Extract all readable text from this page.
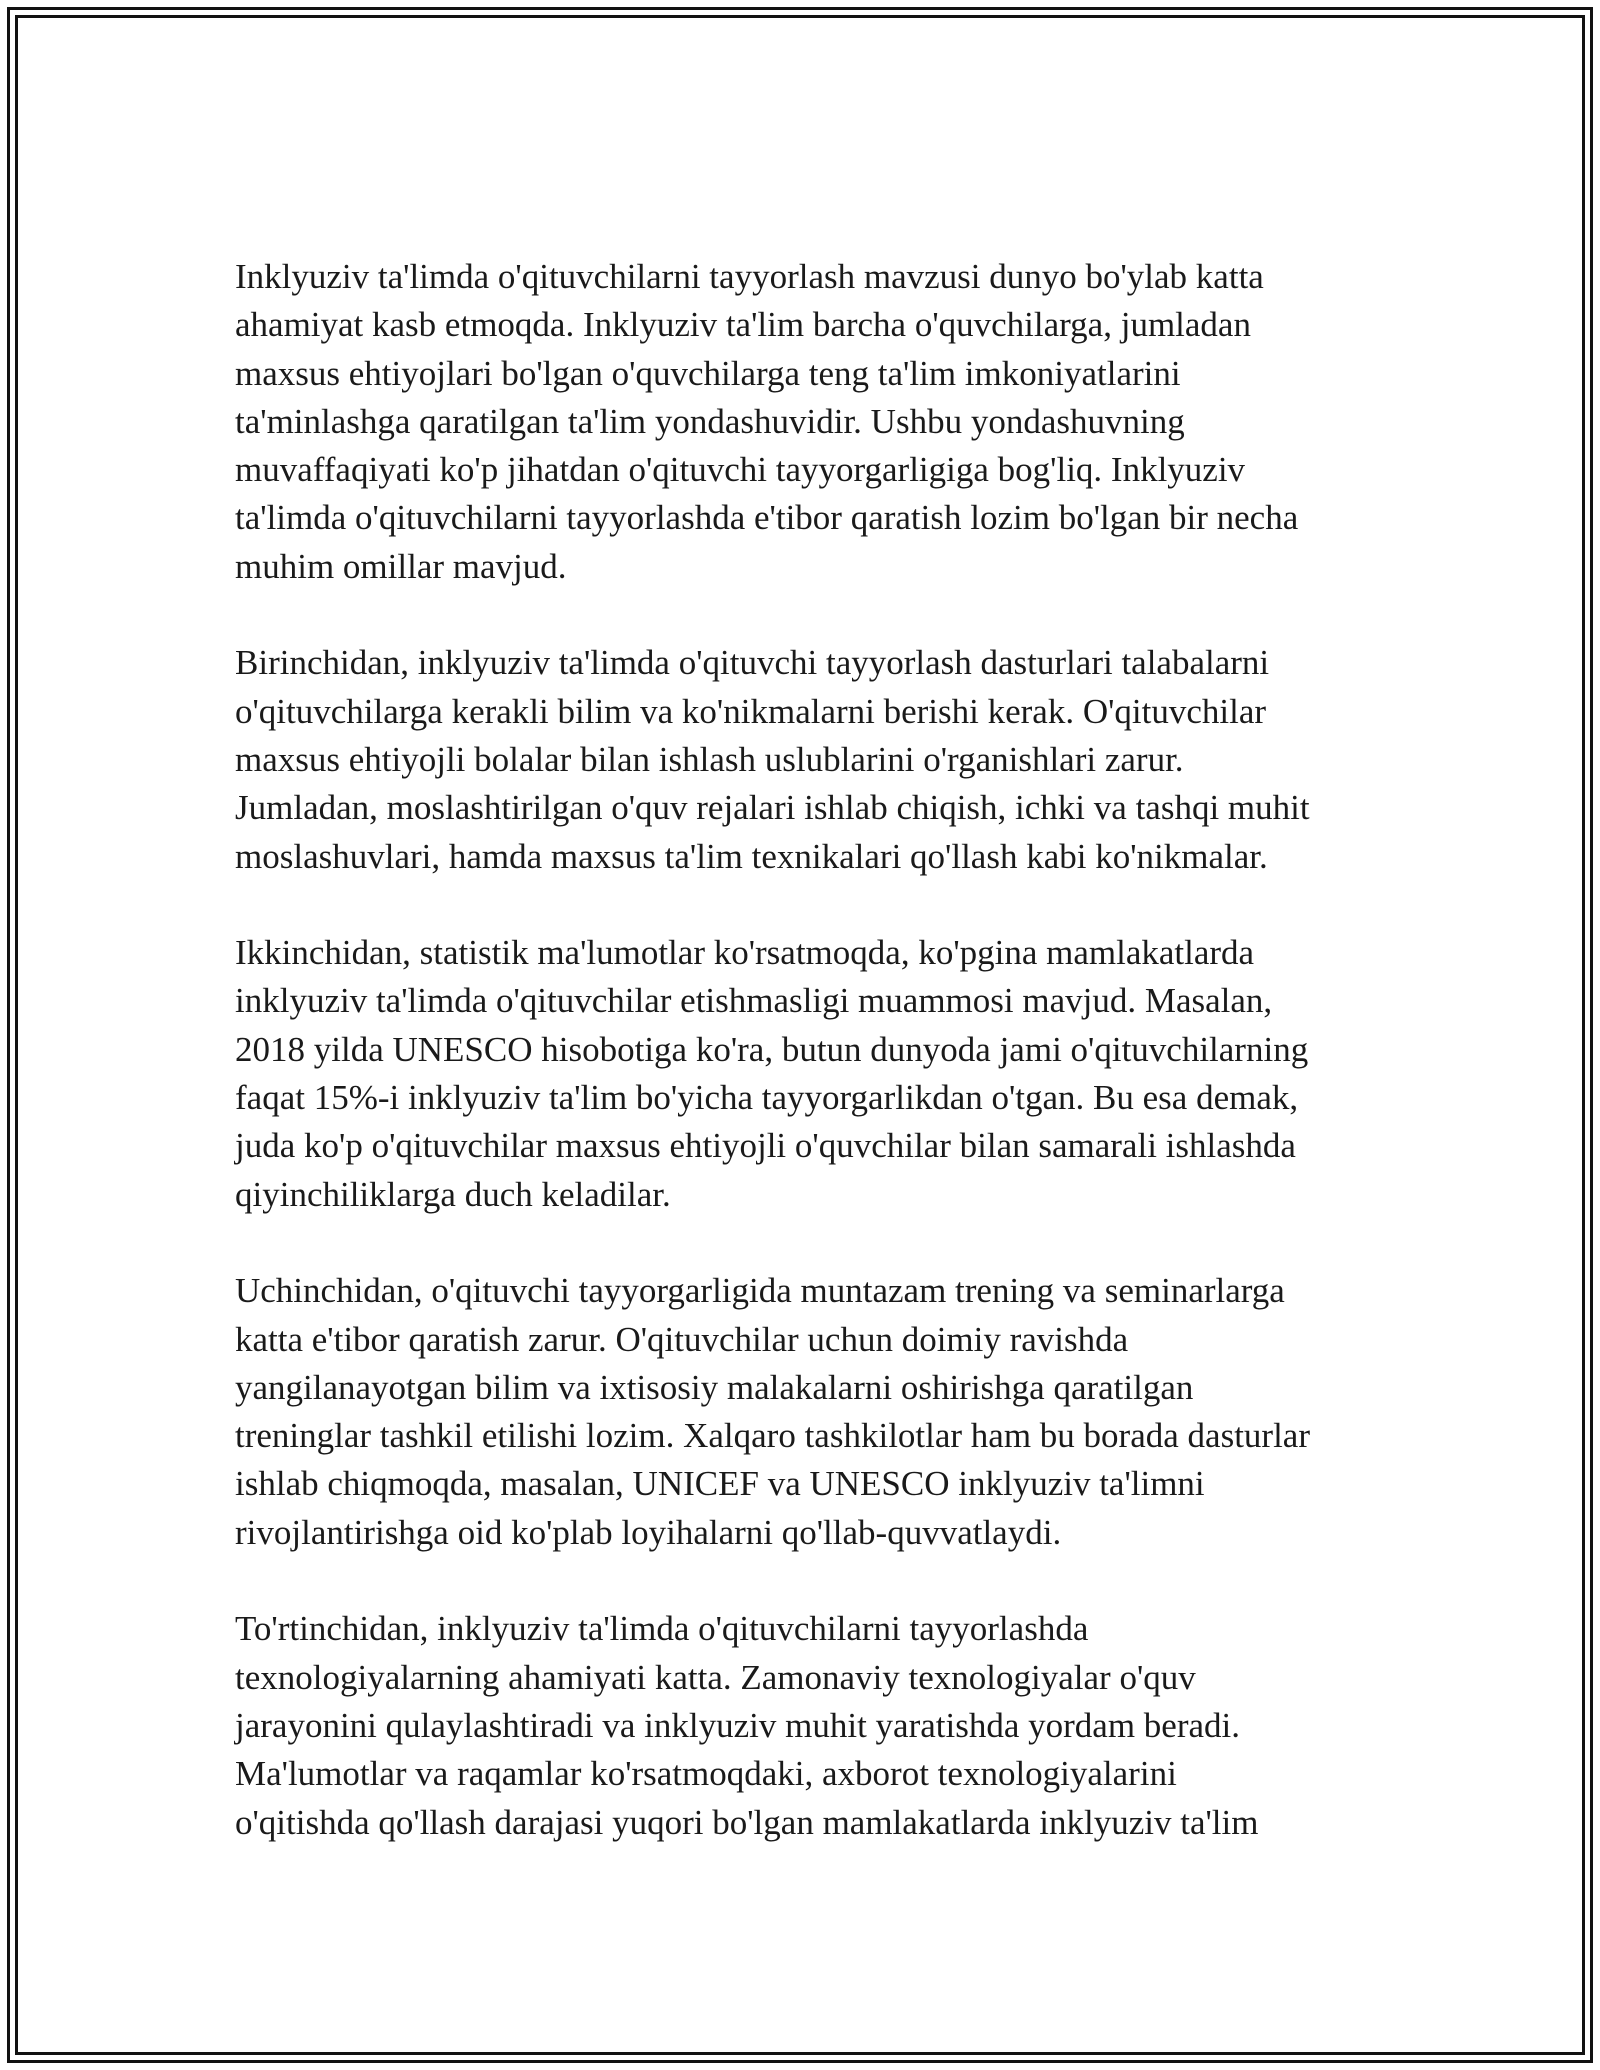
Inklyuziv ta'limda o'qituvchilarni tayyorlash mavzusi dunyo bo'ylab katta
ahamiyat kasb etmoqda. Inklyuziv ta'lim barcha o'quvchilarga, jumladan
maxsus ehtiyojlari bo'lgan o'quvchilarga teng ta'lim imkoniyatlarini
ta'minlashga qaratilgan ta'lim yondashuvidir. Ushbu yondashuvning
muvaffaqiyati ko'p jihatdan o'qituvchi tayyorgarligiga bog'liq. Inklyuziv
ta'limda o'qituvchilarni tayyorlashda e'tibor qaratish lozim bo'lgan bir necha
muhim omillar mavjud.

Birinchidan, inklyuziv ta'limda o'qituvchi tayyorlash dasturlari talabalarni
o'qituvchilarga kerakli bilim va ko'nikmalarni berishi kerak. O'qituvchilar
maxsus ehtiyojli bolalar bilan ishlash uslublarini o'rganishlari zarur.
Jumladan, moslashtirilgan o'quv rejalari ishlab chiqish, ichki va tashqi muhit
moslashuvlari, hamda maxsus ta'lim texnikalari qo'llash kabi ko'nikmalar.

Ikkinchidan, statistik ma'lumotlar ko'rsatmoqda, ko'pgina mamlakatlarda
inklyuziv ta'limda o'qituvchilar etishmasligi muammosi mavjud. Masalan,
2018 yilda UNESCO hisobotiga ko'ra, butun dunyoda jami o'qituvchilarning
faqat 15%-i inklyuziv ta'lim bo'yicha tayyorgarlikdan o'tgan. Bu esa demak,
juda ko'p o'qituvchilar maxsus ehtiyojli o'quvchilar bilan samarali ishlashda
qiyinchiliklarga duch keladilar.

Uchinchidan, o'qituvchi tayyorgarligida muntazam trening va seminarlarga
katta e'tibor qaratish zarur. O'qituvchilar uchun doimiy ravishda
yangilanayotgan bilim va ixtisosiy malakalarni oshirishga qaratilgan
treninglar tashkil etilishi lozim. Xalqaro tashkilotlar ham bu borada dasturlar
ishlab chiqmoqda, masalan, UNICEF va UNESCO inklyuziv ta'limni
rivojlantirishga oid ko'plab loyihalarni qo'llab-quvvatlaydi.

To'rtinchidan, inklyuziv ta'limda o'qituvchilarni tayyorlashda
texnologiyalarning ahamiyati katta. Zamonaviy texnologiyalar o'quv
jarayonini qulaylashtiradi va inklyuziv muhit yaratishda yordam beradi.
Ma'lumotlar va raqamlar ko'rsatmoqdaki, axborot texnologiyalarini
o'qitishda qo'llash darajasi yuqori bo'lgan mamlakatlarda inklyuziv ta'lim
